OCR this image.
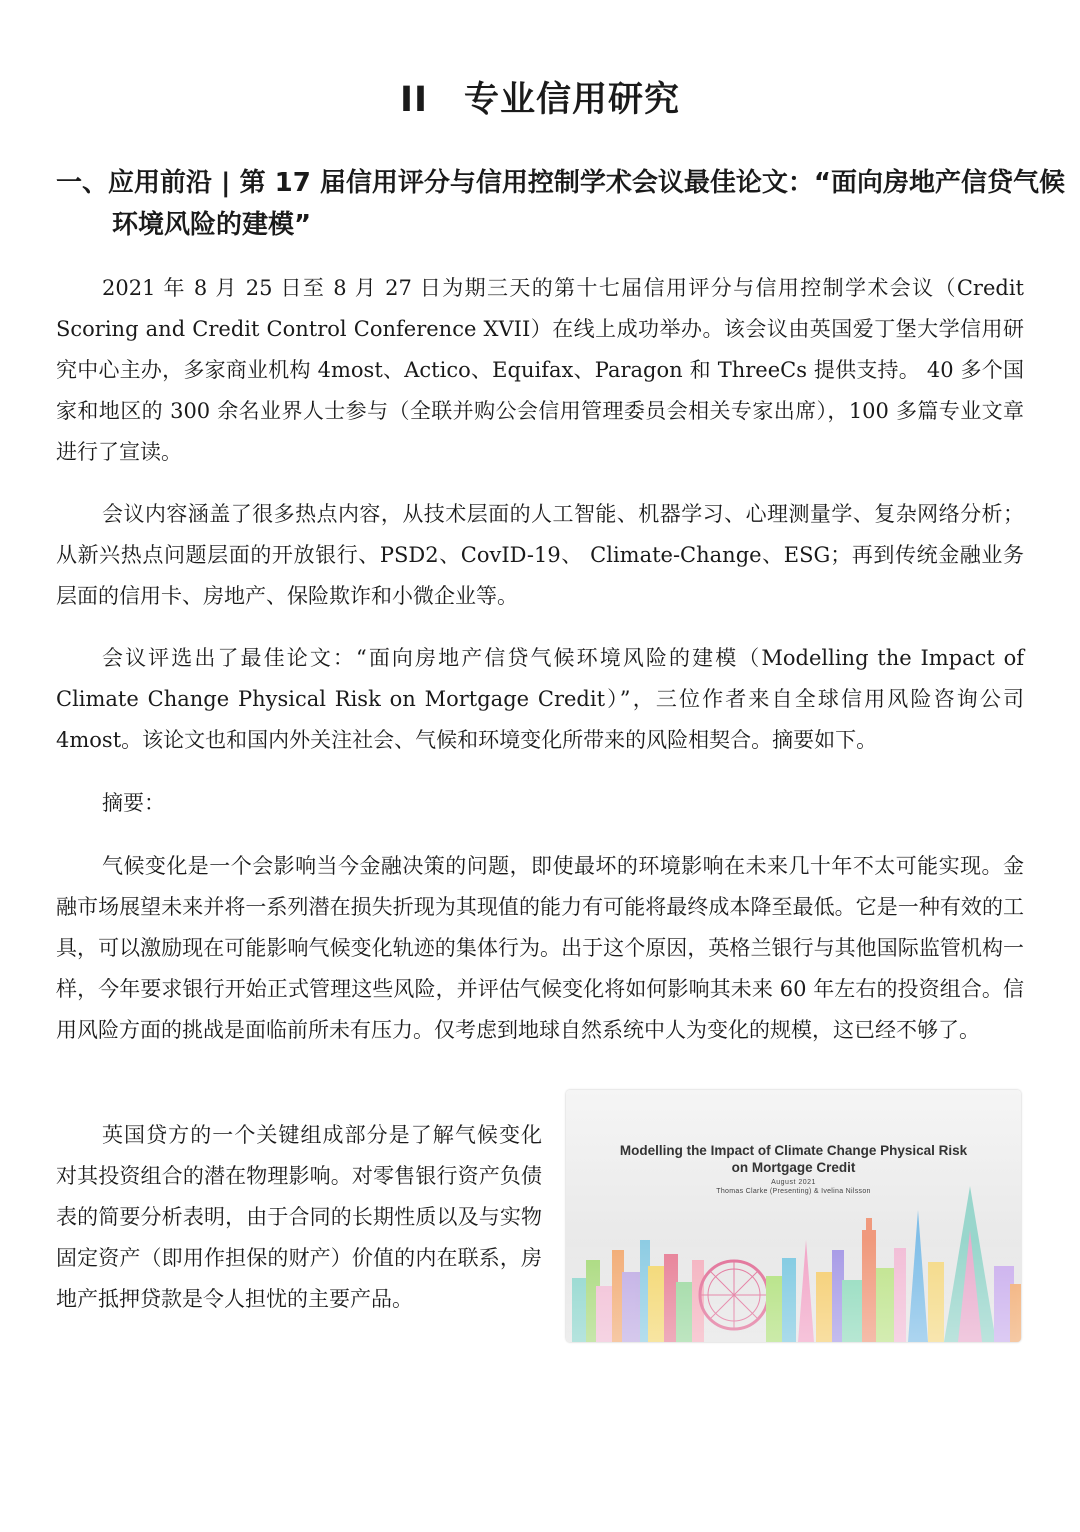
II 专业信用研究
一、应用前沿 | 第 17 届信用评分与信用控制学术会议最佳论文：“面向房地产信贷气候环境风险的建模”

2021 年 8 月 25 日至 8 月 27 日为期三天的第十七届信用评分与信用控制学术会议（Credit Scoring and Credit Control Conference XVII）在线上成功举办。该会议由英国爱丁堡大学信用研究中心主办，多家商业机构 4most、Actico、Equifax、Paragon 和 ThreeCs 提供支持。 40 多个国家和地区的 300 余名业界人士参与（全联并购公会信用管理委员会相关专家出席），100 多篇专业文章进行了宣读。

会议内容涵盖了很多热点内容，从技术层面的人工智能、机器学习、心理测量学、复杂网络分析；从新兴热点问题层面的开放银行、PSD2、CovID-19、 Climate-Change、ESG；再到传统金融业务层面的信用卡、房地产、保险欺诈和小微企业等。

会议评选出了最佳论文：“面向房地产信贷气候环境风险的建模（Modelling the Impact of Climate Change Physical Risk on Mortgage Credit）”，三位作者来自全球信用风险咨询公司 4most。该论文也和国内外关注社会、气候和环境变化所带来的风险相契合。摘要如下。

摘要：

气候变化是一个会影响当今金融决策的问题，即使最坏的环境影响在未来几十年不太可能实现。金融市场展望未来并将一系列潜在损失折现为其现值的能力有可能将最终成本降至最低。它是一种有效的工具，可以激励现在可能影响气候变化轨迹的集体行为。出于这个原因，英格兰银行与其他国际监管机构一样，今年要求银行开始正式管理这些风险，并评估气候变化将如何影响其未来 60 年左右的投资组合。信用风险方面的挑战是面临前所未有压力。仅考虑到地球自然系统中人为变化的规模，这已经不够了。

英国贷方的一个关键组成部分是了解气候变化对其投资组合的潜在物理影响。对零售银行资产负债表的简要分析表明，由于合同的长期性质以及与实物固定资产（即用作担保的财产）价值的内在联系，房地产抵押贷款是令人担忧的主要产品。

Modelling the Impact of Climate Change Physical Risk on Mortgage Credit
August 2021
Thomas Clarke (Presenting) & Ivelina Nilsson
